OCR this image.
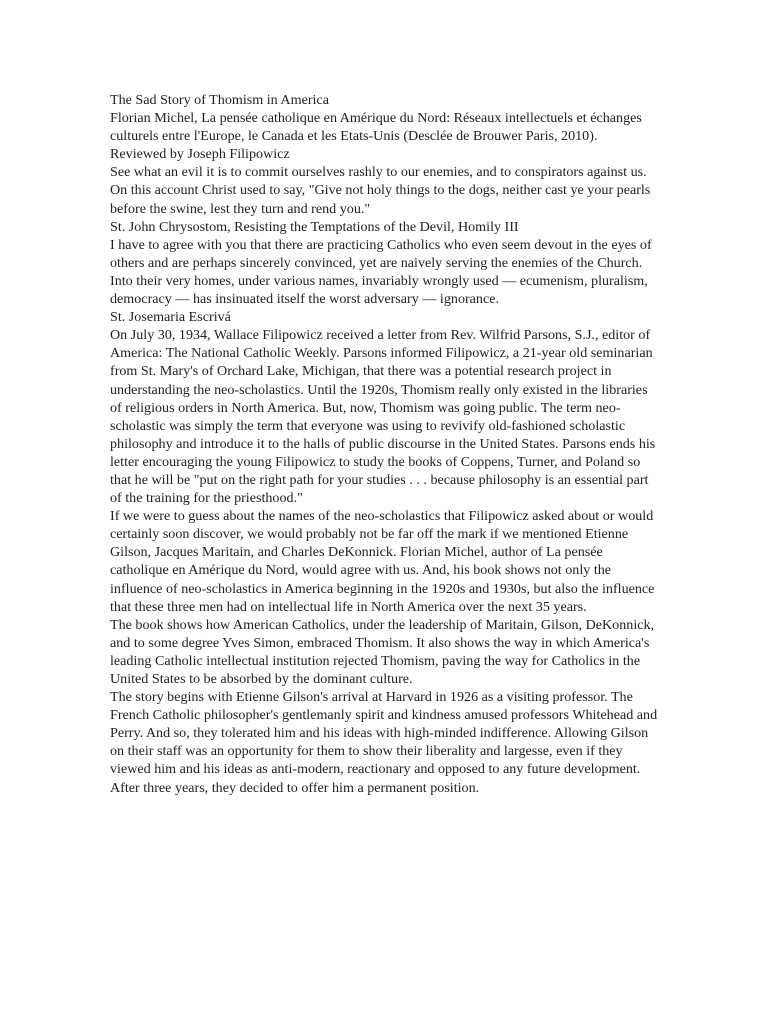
The Sad Story of Thomism in America

Florian Michel, La pensée catholique en Amérique du Nord: Réseaux intellectuels et échanges culturels entre l'Europe, le Canada et les Etats-Unis (Desclée de Brouwer Paris, 2010).

Reviewed by Joseph Filipowicz

See what an evil it is to commit ourselves rashly to our enemies, and to conspirators against us. On this account Christ used to say, "Give not holy things to the dogs, neither cast ye your pearls before the swine, lest they turn and rend you."

St. John Chrysostom, Resisting the Temptations of the Devil, Homily III

I have to agree with you that there are practicing Catholics who even seem devout in the eyes of others and are perhaps sincerely convinced, yet are naively serving the enemies of the Church. Into their very homes, under various names, invariably wrongly used — ecumenism, pluralism, democracy — has insinuated itself the worst adversary — ignorance.

St. Josemaria Escrivá

On July 30, 1934, Wallace Filipowicz received a letter from Rev. Wilfrid Parsons, S.J., editor of America: The National Catholic Weekly. Parsons informed Filipowicz, a 21-year old seminarian from St. Mary's of Orchard Lake, Michigan, that there was a potential research project in understanding the neo-scholastics. Until the 1920s, Thomism really only existed in the libraries of religious orders in North America. But, now, Thomism was going public. The term neo-scholastic was simply the term that everyone was using to revivify old-fashioned scholastic philosophy and introduce it to the halls of public discourse in the United States. Parsons ends his letter encouraging the young Filipowicz to study the books of Coppens, Turner, and Poland so that he will be "put on the right path for your studies . . . because philosophy is an essential part of the training for the priesthood."

If we were to guess about the names of the neo-scholastics that Filipowicz asked about or would certainly soon discover, we would probably not be far off the mark if we mentioned Etienne Gilson, Jacques Maritain, and Charles DeKonnick. Florian Michel, author of La pensée catholique en Amérique du Nord, would agree with us. And, his book shows not only the influence of neo-scholastics in America beginning in the 1920s and 1930s, but also the influence that these three men had on intellectual life in North America over the next 35 years.

The book shows how American Catholics, under the leadership of Maritain, Gilson, DeKonnick, and to some degree Yves Simon, embraced Thomism. It also shows the way in which America's leading Catholic intellectual institution rejected Thomism, paving the way for Catholics in the United States to be absorbed by the dominant culture.

The story begins with Etienne Gilson's arrival at Harvard in 1926 as a visiting professor. The French Catholic philosopher's gentlemanly spirit and kindness amused professors Whitehead and Perry. And so, they tolerated him and his ideas with high-minded indifference. Allowing Gilson on their staff was an opportunity for them to show their liberality and largesse, even if they viewed him and his ideas as anti-modern, reactionary and opposed to any future development. After three years, they decided to offer him a permanent position.
